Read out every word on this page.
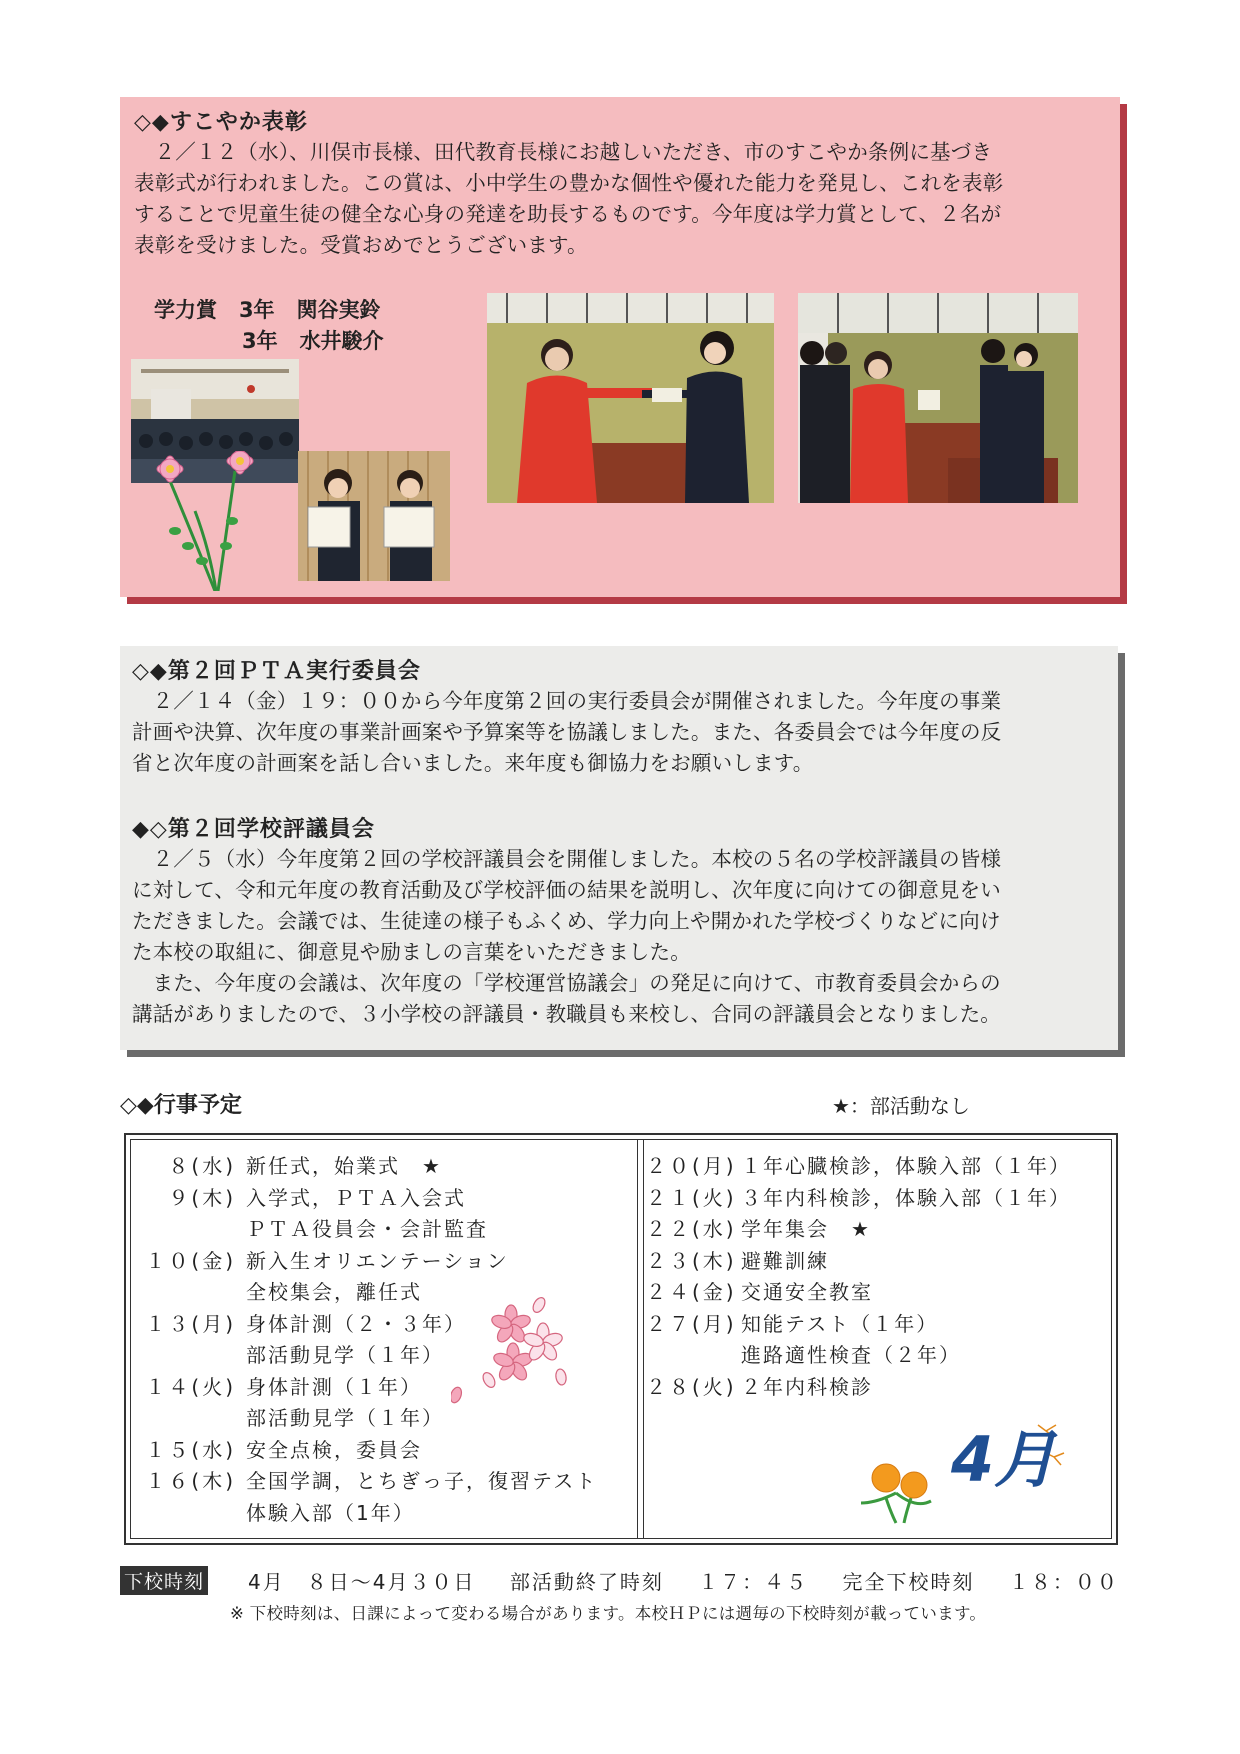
◇◆すこやか表彰

２／１２（水）、川俣市長様、田代教育長様にお越しいただき、市のすこやか条例に基づき

表彰式が行われました。この賞は、小中学生の豊かな個性や優れた能力を発見し、これを表彰
することで児童生徒の健全な心身の発達を助長するものです。今年度は学力賞として、２名が
表彰を受けました。受賞おめでとうございます。
学力賞 3年 関谷実鈴
3年 水井駿介
◇◆第２回ＰＴＡ実行委員会

２／１４（金）１９：００から今年度第２回の実行委員会が開催されました。今年度の事業

計画や決算、次年度の事業計画案や予算案等を協議しました。また、各委員会では今年度の反
省と次年度の計画案を話し合いました。来年度も御協力をお願いします。
◆◇第２回学校評議員会

２／５（水）今年度第２回の学校評議員会を開催しました。本校の５名の学校評議員の皆様

に対して、令和元年度の教育活動及び学校評価の結果を説明し、次年度に向けての御意見をい
ただきました。会議では、生徒達の様子もふくめ、学力向上や開かれた学校づくりなどに向け
た本校の取組に、御意見や励ましの言葉をいただきました。

また、今年度の会議は、次年度の「学校運営協議会」の発足に向けて、市教育委員会からの

講話がありましたので、３小学校の評議員・教職員も来校し、合同の評議員会となりました。
◇◆行事予定	★：部活動なし
８(水) 新任式，始業式　★
９(木) 入学式，ＰＴＡ入会式
ＰＴＡ役員会・会計監査
１０(金) 新入生オリエンテーション
全校集会，離任式
１３(月) 身体計測（２・３年）
部活動見学（１年）
１４(火) 身体計測（１年）
部活動見学（１年）
１５(水) 安全点検，委員会
１６(木) 全国学調，とちぎっ子，復習テスト
体験入部（1年）
２０(月) １年心臓検診，体験入部（１年）
２１(火) ３年内科検診，体験入部（１年）
２２(水) 学年集会　★
２３(木) 避難訓練
２４(金) 交通安全教室
２７(月) 知能テスト（１年）
進路適性検査（２年）
２８(火) ２年内科検診
4月
下校時刻 4月　８日〜4月３０日 部活動終了時刻 １７：４５ 完全下校時刻 １８：００
※ 下校時刻は、日課によって変わる場合があります。本校ＨＰには週毎の下校時刻が載っています。
